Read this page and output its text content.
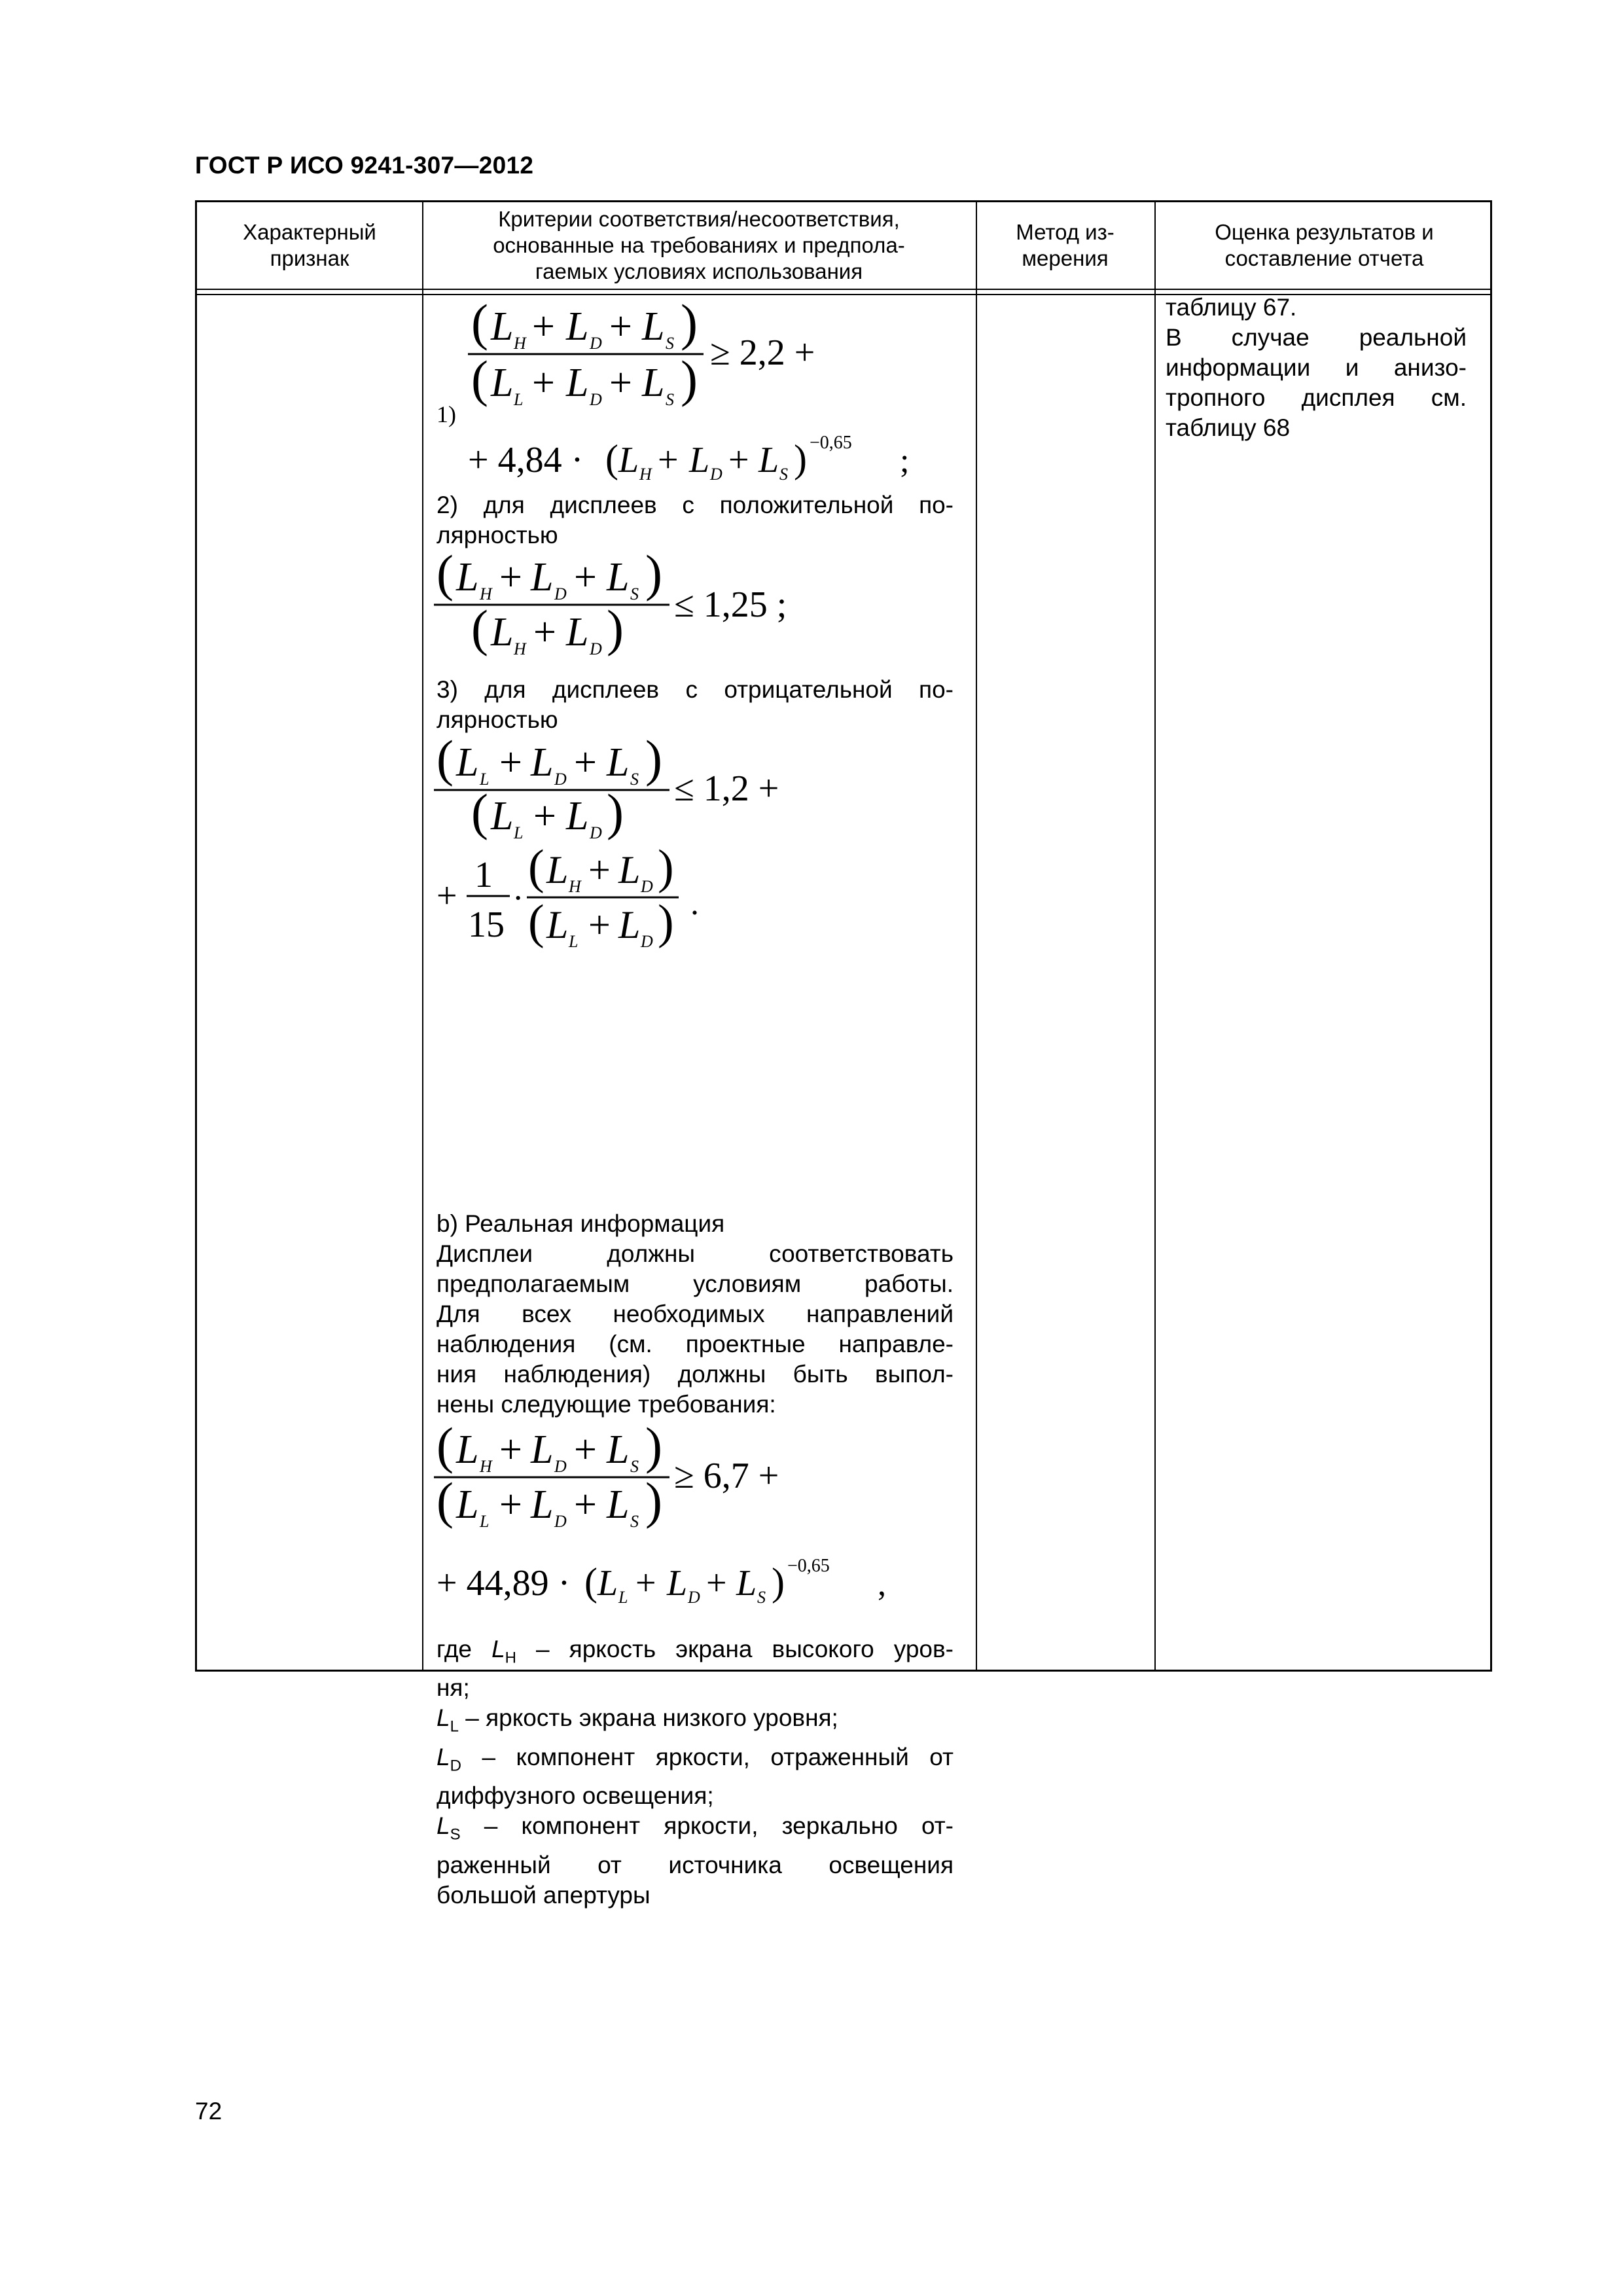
ГОСТ Р ИСО 9241-307—2012
Характерный
признак
Критерии соответствия/несоответствия,
основанные на требованиях и предпола-
гаемых условиях использования
Метод из-
мерения
Оценка результатов и
составление отчета
таблицу 67.
В случае реальной
информации и анизо-
тропного дисплея см.
таблицу 68
1)
( L H + L D + L S )
( L L + L D + L S ) ≥ 2,2 +
+ 4,84 · ( L H + L D + L S ) −0,65 ;
2) для дисплеев с положительной по-
лярностью
( L H + L D + L S )
( L H + L D ) ≤ 1,25 ;
3) для дисплеев с отрицательной по-
лярностью
( L L + L D + L S )
( L L + L D ) ≤ 1,2 +
+
1
15
·
( L H + L D )
( L L + L D ) .
b) Реальная информация
Дисплеи должны соответствовать
предполагаемым условиям работы.
Для всех необходимых направлений
наблюдения (см. проектные направле-
ния наблюдения) должны быть выпол-
нены следующие требования:
( L H + L D + L S )
( L L + L D + L S ) ≥ 6,7 +
+ 44,89 · ( L L + L D + L S ) −0,65 ,
где $L_H$ – яркость экрана высокого уров-
ня;
$L_L$ – яркость экрана низкого уровня;
$L_D$ – компонент яркости, отраженный от
диффузного освещения;
$L_S$ – компонент яркости, зеркально от-
раженный от источника освещения
большой апертуры
72
